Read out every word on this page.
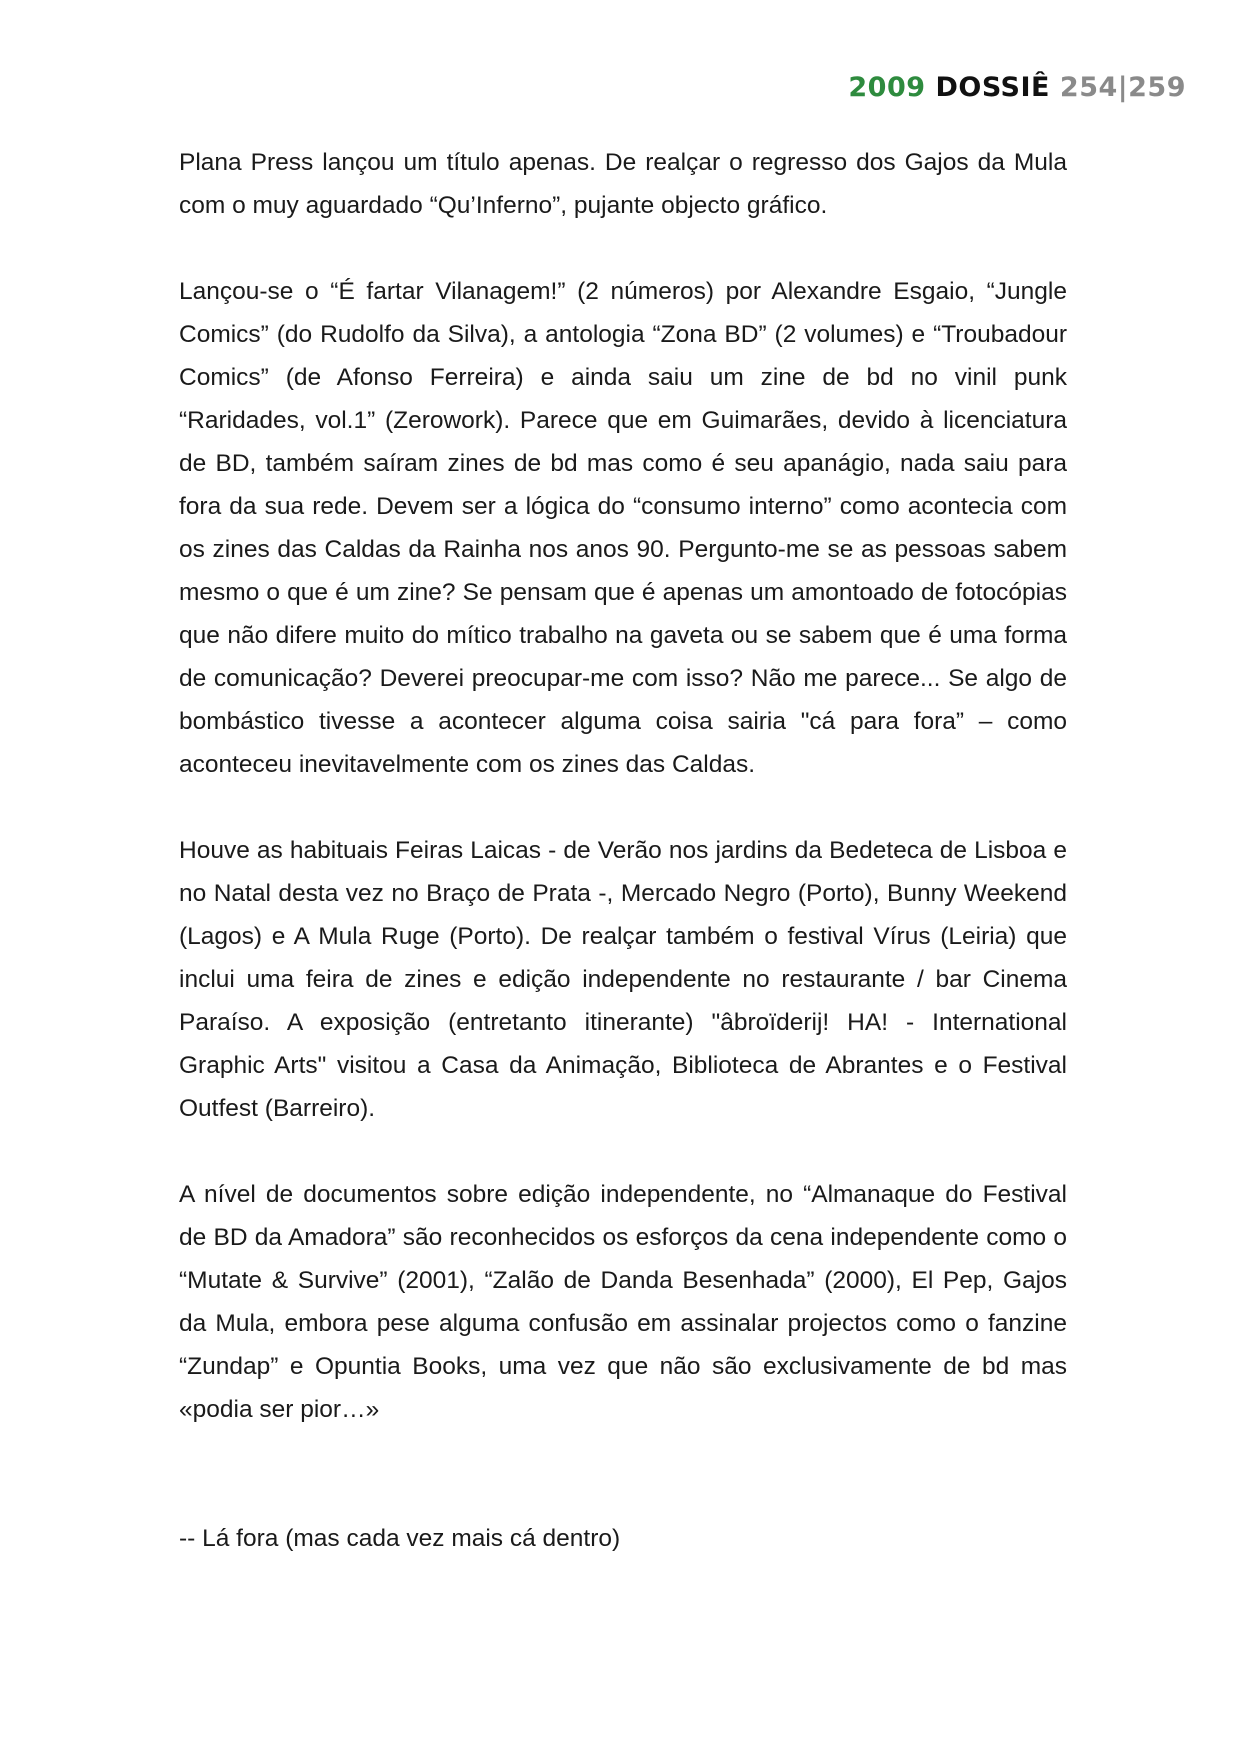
2009 DOSSIÊ 254|259

Plana Press lançou um título apenas. De realçar o regresso dos Gajos da Mula com o muy aguardado “Qu’Inferno”, pujante objecto gráfico.

Lançou-se o “É fartar Vilanagem!” (2 números) por Alexandre Esgaio, “Jungle Comics” (do Rudolfo da Silva), a antologia “Zona BD” (2 volumes) e “Troubadour Comics” (de Afonso Ferreira) e ainda saiu um zine de bd no vinil punk “Raridades, vol.1” (Zerowork). Parece que em Guimarães, devido à licenciatura de BD, também saíram zines de bd mas como é seu apanágio, nada saiu para fora da sua rede. Devem ser a lógica do “consumo interno” como acontecia com os zines das Caldas da Rainha nos anos 90. Pergunto-me se as pessoas sabem mesmo o que é um zine? Se pensam que é apenas um amontoado de fotocópias que não difere muito do mítico trabalho na gaveta ou se sabem que é uma forma de comunicação? Deverei preocupar-me com isso? Não me parece... Se algo de bombástico tivesse a acontecer alguma coisa sairia "cá para fora” – como aconteceu inevitavelmente com os zines das Caldas.

Houve as habituais Feiras Laicas - de Verão nos jardins da Bedeteca de Lisboa e no Natal desta vez no Braço de Prata -, Mercado Negro (Porto), Bunny Weekend (Lagos) e A Mula Ruge (Porto). De realçar também o festival Vírus (Leiria) que inclui uma feira de zines e edição independente no restaurante / bar Cinema Paraíso. A exposição (entretanto itinerante) "âbroïderij! HA! - International Graphic Arts" visitou a Casa da Animação, Biblioteca de Abrantes e o Festival Outfest (Barreiro).

A nível de documentos sobre edição independente, no “Almanaque do Festival de BD da Amadora” são reconhecidos os esforços da cena independente como o “Mutate & Survive” (2001), “Zalão de Danda Besenhada” (2000), El Pep, Gajos da Mula, embora pese alguma confusão em assinalar projectos como o fanzine “Zundap” e Opuntia Books, uma vez que não são exclusivamente de bd mas «podia ser pior…»

-- Lá fora (mas cada vez mais cá dentro)
